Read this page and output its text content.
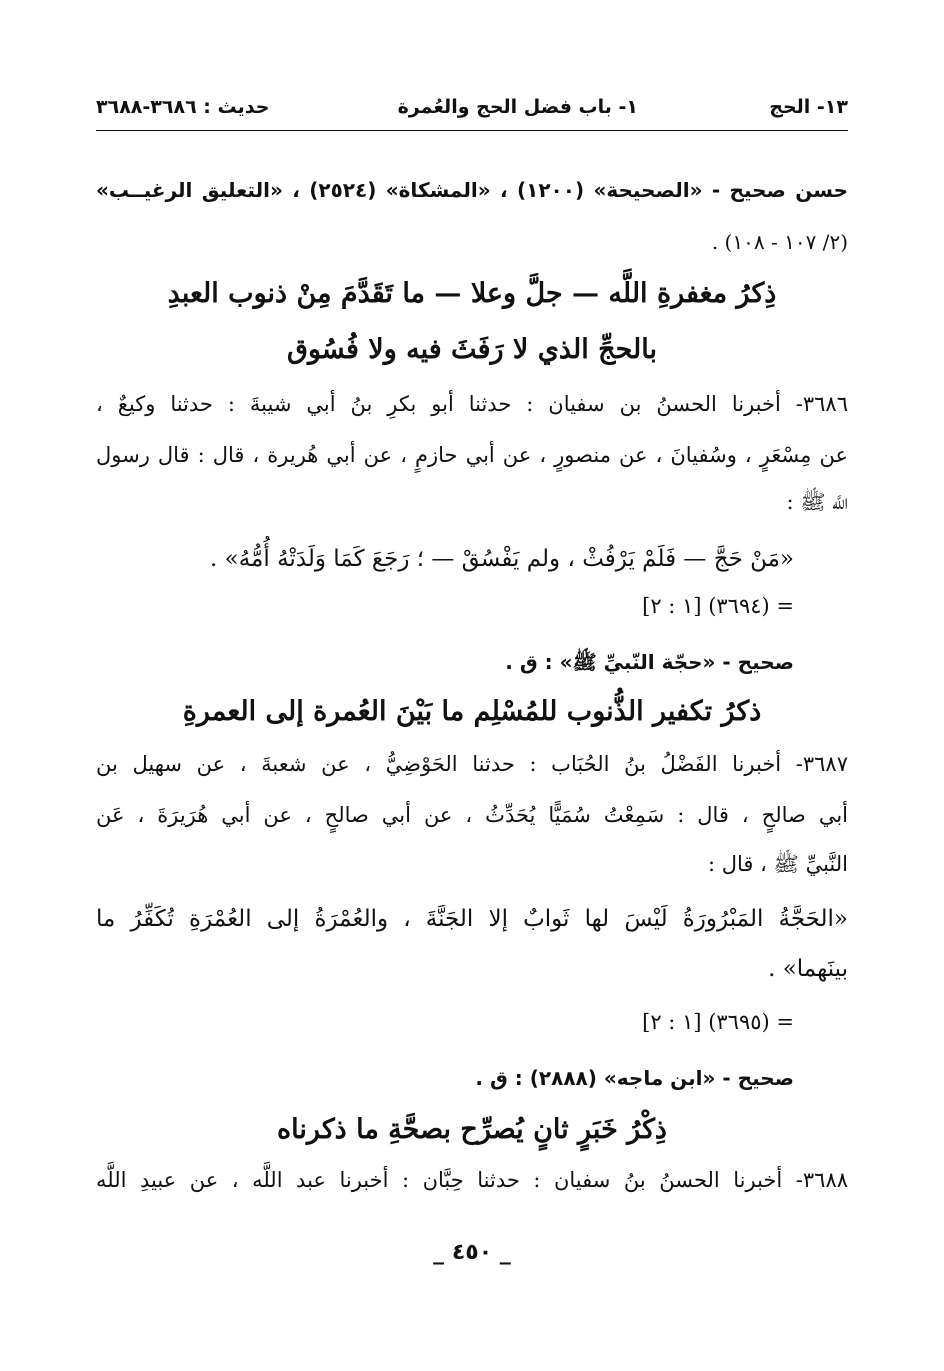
١٣- الحج
١- باب فضل الحج والعُمرة
حديث : ٣٦٨٦-٣٦٨٨
حسن صحيح - «الصحيحة» (١٢٠٠) ، «المشكاة» (٢٥٢٤) ، «التعليق الرغيــب»
(٢/ ١٠٧ - ١٠٨) .
ذِكرُ مغفرةِ اللَّه — جلَّ وعلا — ما تَقَدَّمَ مِنْ ذنوب العبدِ
بالحجِّ الذي لا رَفَثَ فيه ولا فُسُوق
٣٦٨٦- أخبرنا الحسنُ بن سفيان : حدثنا أبو بكرِ بنُ أبي شيبةَ : حدثنا وكيعٌ ،
عن مِسْعَرٍ ، وسُفيانَ ، عن منصورٍ ، عن أبي حازمٍ ، عن أبي هُريرة ، قال : قال رسول
اللَّه ﷺ :
«مَنْ حَجَّ — فَلَمْ يَرْفُثْ ، ولم يَفْسُقْ — ؛ رَجَعَ كَمَا وَلَدَتْهُ أُمُّهُ» .
= (٣٦٩٤) [١ : ٢]
صحيح - «حجّة النّبيِّ ﷺ» : ق .
ذكرُ تكفير الذُّنوب للمُسْلِم ما بَيْنَ العُمرة إلى العمرةِ
٣٦٨٧- أخبرنا الفَضْلُ بنُ الحُبَاب : حدثنا الحَوْضِيُّ ، عن شعبةَ ، عن سهيل بن
أبي صالحٍ ، قال : سَمِعْتُ سُمَيًّا يُحَدِّثُ ، عن أبي صالحٍ ، عن أبي هُرَيرَةَ ، عَن
النَّبيِّ ﷺ ، قال :
«الحَجَّةُ المَبْرُورَةُ لَيْسَ لها ثَوابٌ إلا الجَنَّةَ ، والعُمْرَةُ إلى العُمْرَةِ تُكَفِّرُ ما
بينَهما» .
= (٣٦٩٥) [١ : ٢]
صحيح - «ابن ماجه» (٢٨٨٨) : ق .
ذِكْرُ خَبَرٍ ثانٍ يُصرِّح بصحَّةِ ما ذكرناه
٣٦٨٨- أخبرنا الحسنُ بنُ سفيان : حدثنا حِبَّان : أخبرنا عبد اللَّه ، عن عبيدِ اللَّه
_ ٤٥٠ _
